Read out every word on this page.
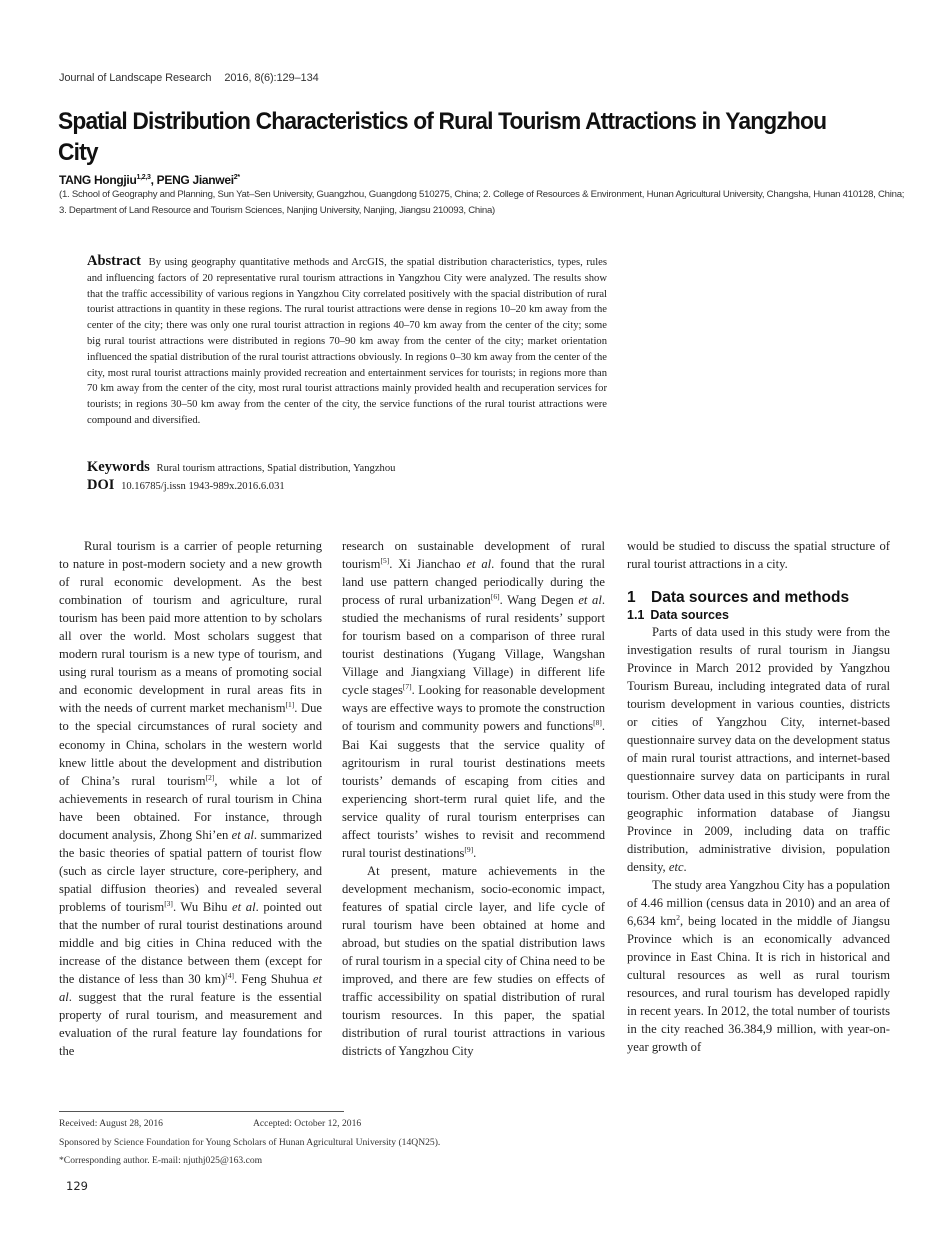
Journal of Landscape Research 2016, 8(6):129–134
Spatial Distribution Characteristics of Rural Tourism Attractions in Yangzhou City
TANG Hongjiu$^{1,2,3}$, PENG Jianwei$^{2*}$
(1. School of Geography and Planning, Sun Yat–Sen University, Guangzhou, Guangdong 510275, China; 2. College of Resources & Environment, Hunan Agricultural University, Changsha, Hunan 410128, China; 3. Department of Land Resource and Tourism Sciences, Nanjing University, Nanjing, Jiangsu 210093, China)
Abstract By using geography quantitative methods and ArcGIS, the spatial distribution characteristics, types, rules and influencing factors of 20 representative rural tourism attractions in Yangzhou City were analyzed. The results show that the traffic accessibility of various regions in Yangzhou City correlated positively with the spacial distribution of rural tourist attractions in quantity in these regions. The rural tourist attractions were dense in regions 10–20 km away from the center of the city; there was only one rural tourist attraction in regions 40–70 km away from the center of the city; some big rural tourist attractions were distributed in regions 70–90 km away from the center of the city; market orientation influenced the spatial distribution of the rural tourist attractions obviously. In regions 0–30 km away from the center of the city, most rural tourist attractions mainly provided recreation and entertainment services for tourists; in regions more than 70 km away from the center of the city, most rural tourist attractions mainly provided health and recuperation services for tourists; in regions 30–50 km away from the center of the city, the service functions of the rural tourist attractions were compound and diversified.
Keywords Rural tourism attractions, Spatial distribution, Yangzhou
DOI 10.16785/j.issn 1943-989x.2016.6.031

Rural tourism is a carrier of people returning to nature in post-modern society and a new growth of rural economic development. As the best combination of tourism and agriculture, rural tourism has been paid more attention to by scholars all over the world. Most scholars suggest that modern rural tourism is a new type of tourism, and using rural tourism as a means of promoting social and economic development in rural areas fits in with the needs of current market mechanism[1]. Due to the special circumstances of rural society and economy in China, scholars in the western world knew little about the development and distribution of China’s rural tourism[2], while a lot of achievements in research of rural tourism in China have been obtained. For instance, through document analysis, Zhong Shi’en et al. summarized the basic theories of spatial pattern of tourist flow (such as circle layer structure, core-periphery, and spatial diffusion theories) and revealed several problems of tourism[3]. Wu Bihu et al. pointed out that the number of rural tourist destinations around middle and big cities in China reduced with the increase of the distance between them (except for the distance of less than 30 km)[4]. Feng Shuhua et al. suggest that the rural feature is the essential property of rural tourism, and measurement and evaluation of the rural feature lay foundations for the

research on sustainable development of rural tourism[5]. Xi Jianchao et al. found that the rural land use pattern changed periodically during the process of rural urbanization[6]. Wang Degen et al. studied the mechanisms of rural residents’ support for tourism based on a comparison of three rural tourist destinations (Yugang Village, Wangshan Village and Jiangxiang Village) in different life cycle stages[7]. Looking for reasonable development ways are effective ways to promote the construction of tourism and community powers and functions[8]. Bai Kai suggests that the service quality of agritourism in rural tourist destinations meets tourists’ demands of escaping from cities and experiencing short-term rural quiet life, and the service quality of rural tourism enterprises can affect tourists’ wishes to revisit and recommend rural tourist destinations[9].

At present, mature achievements in the development mechanism, socio-economic impact, features of spatial circle layer, and life cycle of rural tourism have been obtained at home and abroad, but studies on the spatial distribution laws of rural tourism in a special city of China need to be improved, and there are few studies on effects of traffic accessibility on spatial distribution of rural tourism resources. In this paper, the spatial distribution of rural tourist attractions in various districts of Yangzhou City

would be studied to discuss the spatial structure of rural tourist attractions in a city.

1 Data sources and methods
1.1 Data sources

Parts of data used in this study were from the investigation results of rural tourism in Jiangsu Province in March 2012 provided by Yangzhou Tourism Bureau, including integrated data of rural tourism development in various counties, districts or cities of Yangzhou City, internet-based questionnaire survey data on the development status of main rural tourist attractions, and internet-based questionnaire survey data on participants in rural tourism. Other data used in this study were from the geographic information database of Jiangsu Province in 2009, including data on traffic distribution, administrative division, population density, etc.

The study area Yangzhou City has a population of 4.46 million (census data in 2010) and an area of 6,634 $km^2$, being located in the middle of Jiangsu Province which is an economically advanced province in East China. It is rich in historical and cultural resources as well as rural tourism resources, and rural tourism has developed rapidly in recent years. In 2012, the total number of tourists in the city reached 36.384,9 million, with year-on-year growth of

Received: August 28, 2016	Accepted: October 12, 2016
Sponsored by Science Foundation for Young Scholars of Hunan Agricultural University (14QN25).
*Corresponding author. E-mail: njuthj025@163.com
129
